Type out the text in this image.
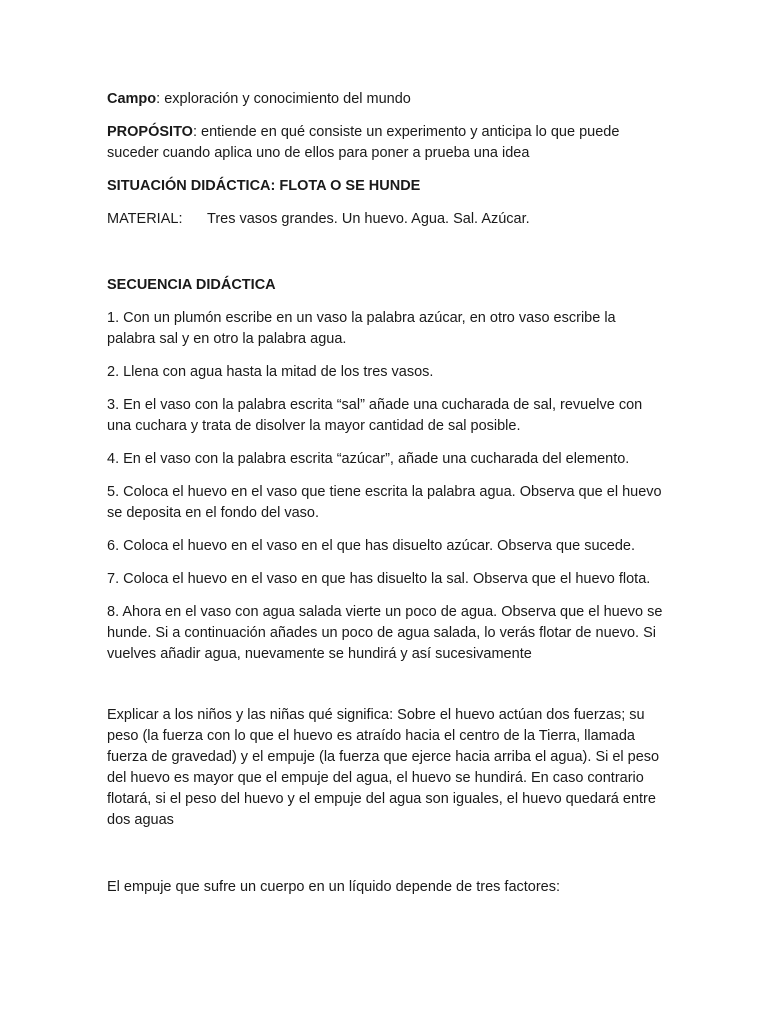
Campo: exploración y conocimiento del mundo

PROPÓSITO: entiende en qué consiste un experimento y anticipa lo que puede suceder cuando aplica uno de ellos para poner a prueba una idea

SITUACIÓN DIDÁCTICA: FLOTA O SE HUNDE

MATERIAL:	Tres vasos grandes. Un huevo. Agua. Sal. Azúcar.

SECUENCIA DIDÁCTICA

1. Con un plumón escribe en un vaso la palabra azúcar, en otro vaso escribe la palabra sal y en otro la palabra agua.

2. Llena con agua hasta la mitad de los tres vasos.

3. En el vaso con la palabra escrita “sal” añade una cucharada de sal, revuelve con una cuchara y trata de disolver la mayor cantidad de sal posible.

4. En el vaso con la palabra escrita “azúcar”, añade una cucharada del elemento.

5. Coloca el huevo en el vaso que tiene escrita la palabra agua. Observa que el huevo se deposita en el fondo del vaso.

6. Coloca el huevo en el vaso en el que has disuelto azúcar. Observa que sucede.

7. Coloca el huevo en el vaso en que has disuelto la sal. Observa que el huevo flota.

8. Ahora en el vaso con agua salada vierte un poco de agua. Observa que el huevo se hunde. Si a continuación añades un poco de agua salada, lo verás flotar de nuevo. Si vuelves añadir agua, nuevamente se hundirá y así sucesivamente

Explicar a los niños y las niñas qué significa: Sobre el huevo actúan dos fuerzas; su peso (la fuerza con lo que el huevo es atraído hacia el centro de la Tierra, llamada fuerza de gravedad) y el empuje (la fuerza que ejerce hacia arriba el agua). Si el peso del huevo es mayor que el empuje del agua, el huevo se hundirá. En caso contrario flotará, si el peso del huevo y el empuje del agua son iguales, el huevo quedará entre dos aguas

El empuje que sufre un cuerpo en un líquido depende de tres factores:
